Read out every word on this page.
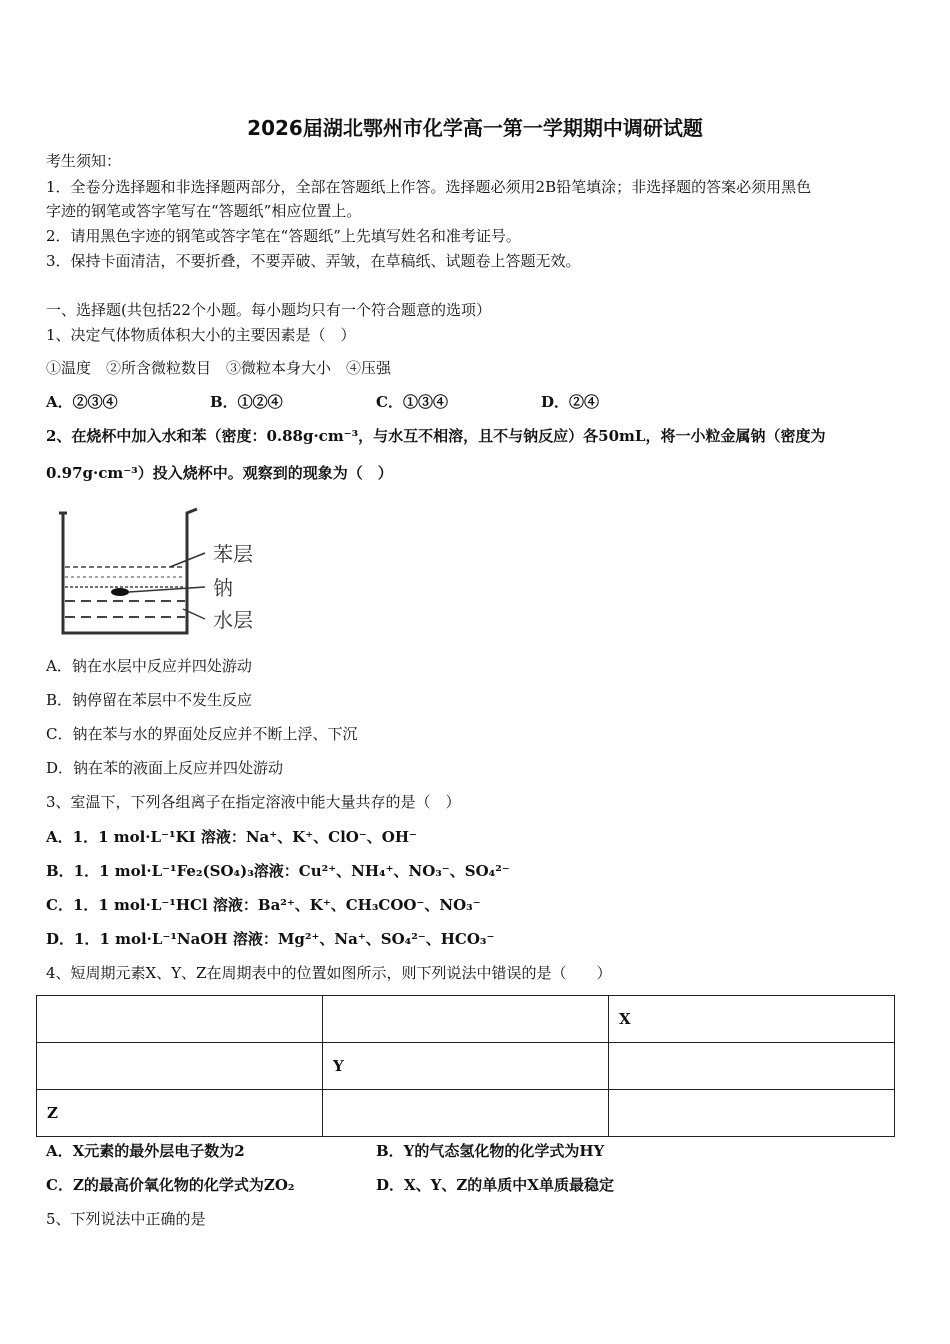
2026届湖北鄂州市化学高一第一学期期中调研试题
考生须知：
1．全卷分选择题和非选择题两部分，全部在答题纸上作答。选择题必须用2B铅笔填涂；非选择题的答案必须用黑色
字迹的钢笔或答字笔写在“答题纸”相应位置上。
2．请用黑色字迹的钢笔或答字笔在“答题纸”上先填写姓名和准考证号。
3．保持卡面清洁，不要折叠，不要弄破、弄皱，在草稿纸、试题卷上答题无效。
一、选择题(共包括22个小题。每小题均只有一个符合题意的选项）
1、决定气体物质体积大小的主要因素是（　）
①温度　②所含微粒数目　③微粒本身大小　④压强
A．②③④	B．①②④	C．①③④	D．②④
2、在烧杯中加入水和苯（密度：0.88g·cm⁻³，与水互不相溶，且不与钠反应）各50mL，将一小粒金属钠（密度为
0.97g·cm⁻³）投入烧杯中。观察到的现象为（　）
苯层
钠
水层
A．钠在水层中反应并四处游动
B．钠停留在苯层中不发生反应
C．钠在苯与水的界面处反应并不断上浮、下沉
D．钠在苯的液面上反应并四处游动
3、室温下，下列各组离子在指定溶液中能大量共存的是（　）
A．1．1 mol·L⁻¹KI 溶液：Na⁺、K⁺、ClO⁻、OH⁻
B．1．1 mol·L⁻¹Fe₂(SO₄)₃溶液：Cu²⁺、NH₄⁺、NO₃⁻、SO₄²⁻
C．1．1 mol·L⁻¹HCl 溶液：Ba²⁺、K⁺、CH₃COO⁻、NO₃⁻
D．1．1 mol·L⁻¹NaOH 溶液：Mg²⁺、Na⁺、SO₄²⁻、HCO₃⁻
4、短周期元素X、Y、Z在周期表中的位置如图所示，则下列说法中错误的是（　　）
		X
	Y	
Z		
A．X元素的最外层电子数为2	B．Y的气态氢化物的化学式为HY
C．Z的最高价氧化物的化学式为ZO₂	D．X、Y、Z的单质中X单质最稳定
5、下列说法中正确的是
